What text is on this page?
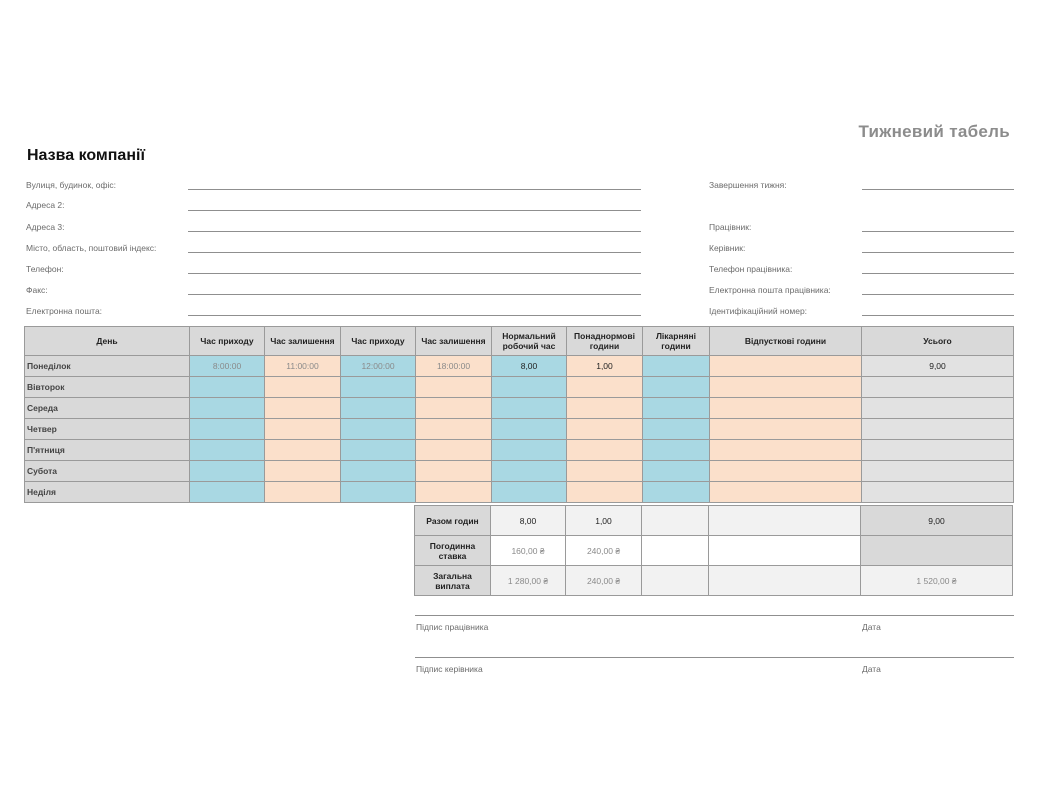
Тижневий табель
Назва компанії
Вулиця, будинок, офіс:
Адреса 2:
Адреса 3:
Місто, область, поштовий індекс:
Телефон:
Факс:
Електронна пошта:
Завершення тижня:
Працівник:
Керівник:
Телефон працівника:
Електронна пошта працівника:
Ідентифікаційний номер:
День	Час приходу	Час залишення	Час приходу	Час залишення	Нормальний робочий час	Понаднормові години	Лікарняні години	Відпусткові години	Усього
Понеділок	8:00:00	11:00:00	12:00:00	18:00:00	8,00	1,00			9,00
Вівторок									
Середа									
Четвер									
П'ятниця									
Субота									
Неділя									
Разом годин	8,00	1,00			9,00
Погодинна ставка	160,00 ₴	240,00 ₴			
Загальна виплата	1 280,00 ₴	240,00 ₴			1 520,00 ₴
Підпис працівника	Дата
Підпис керівника	Дата
